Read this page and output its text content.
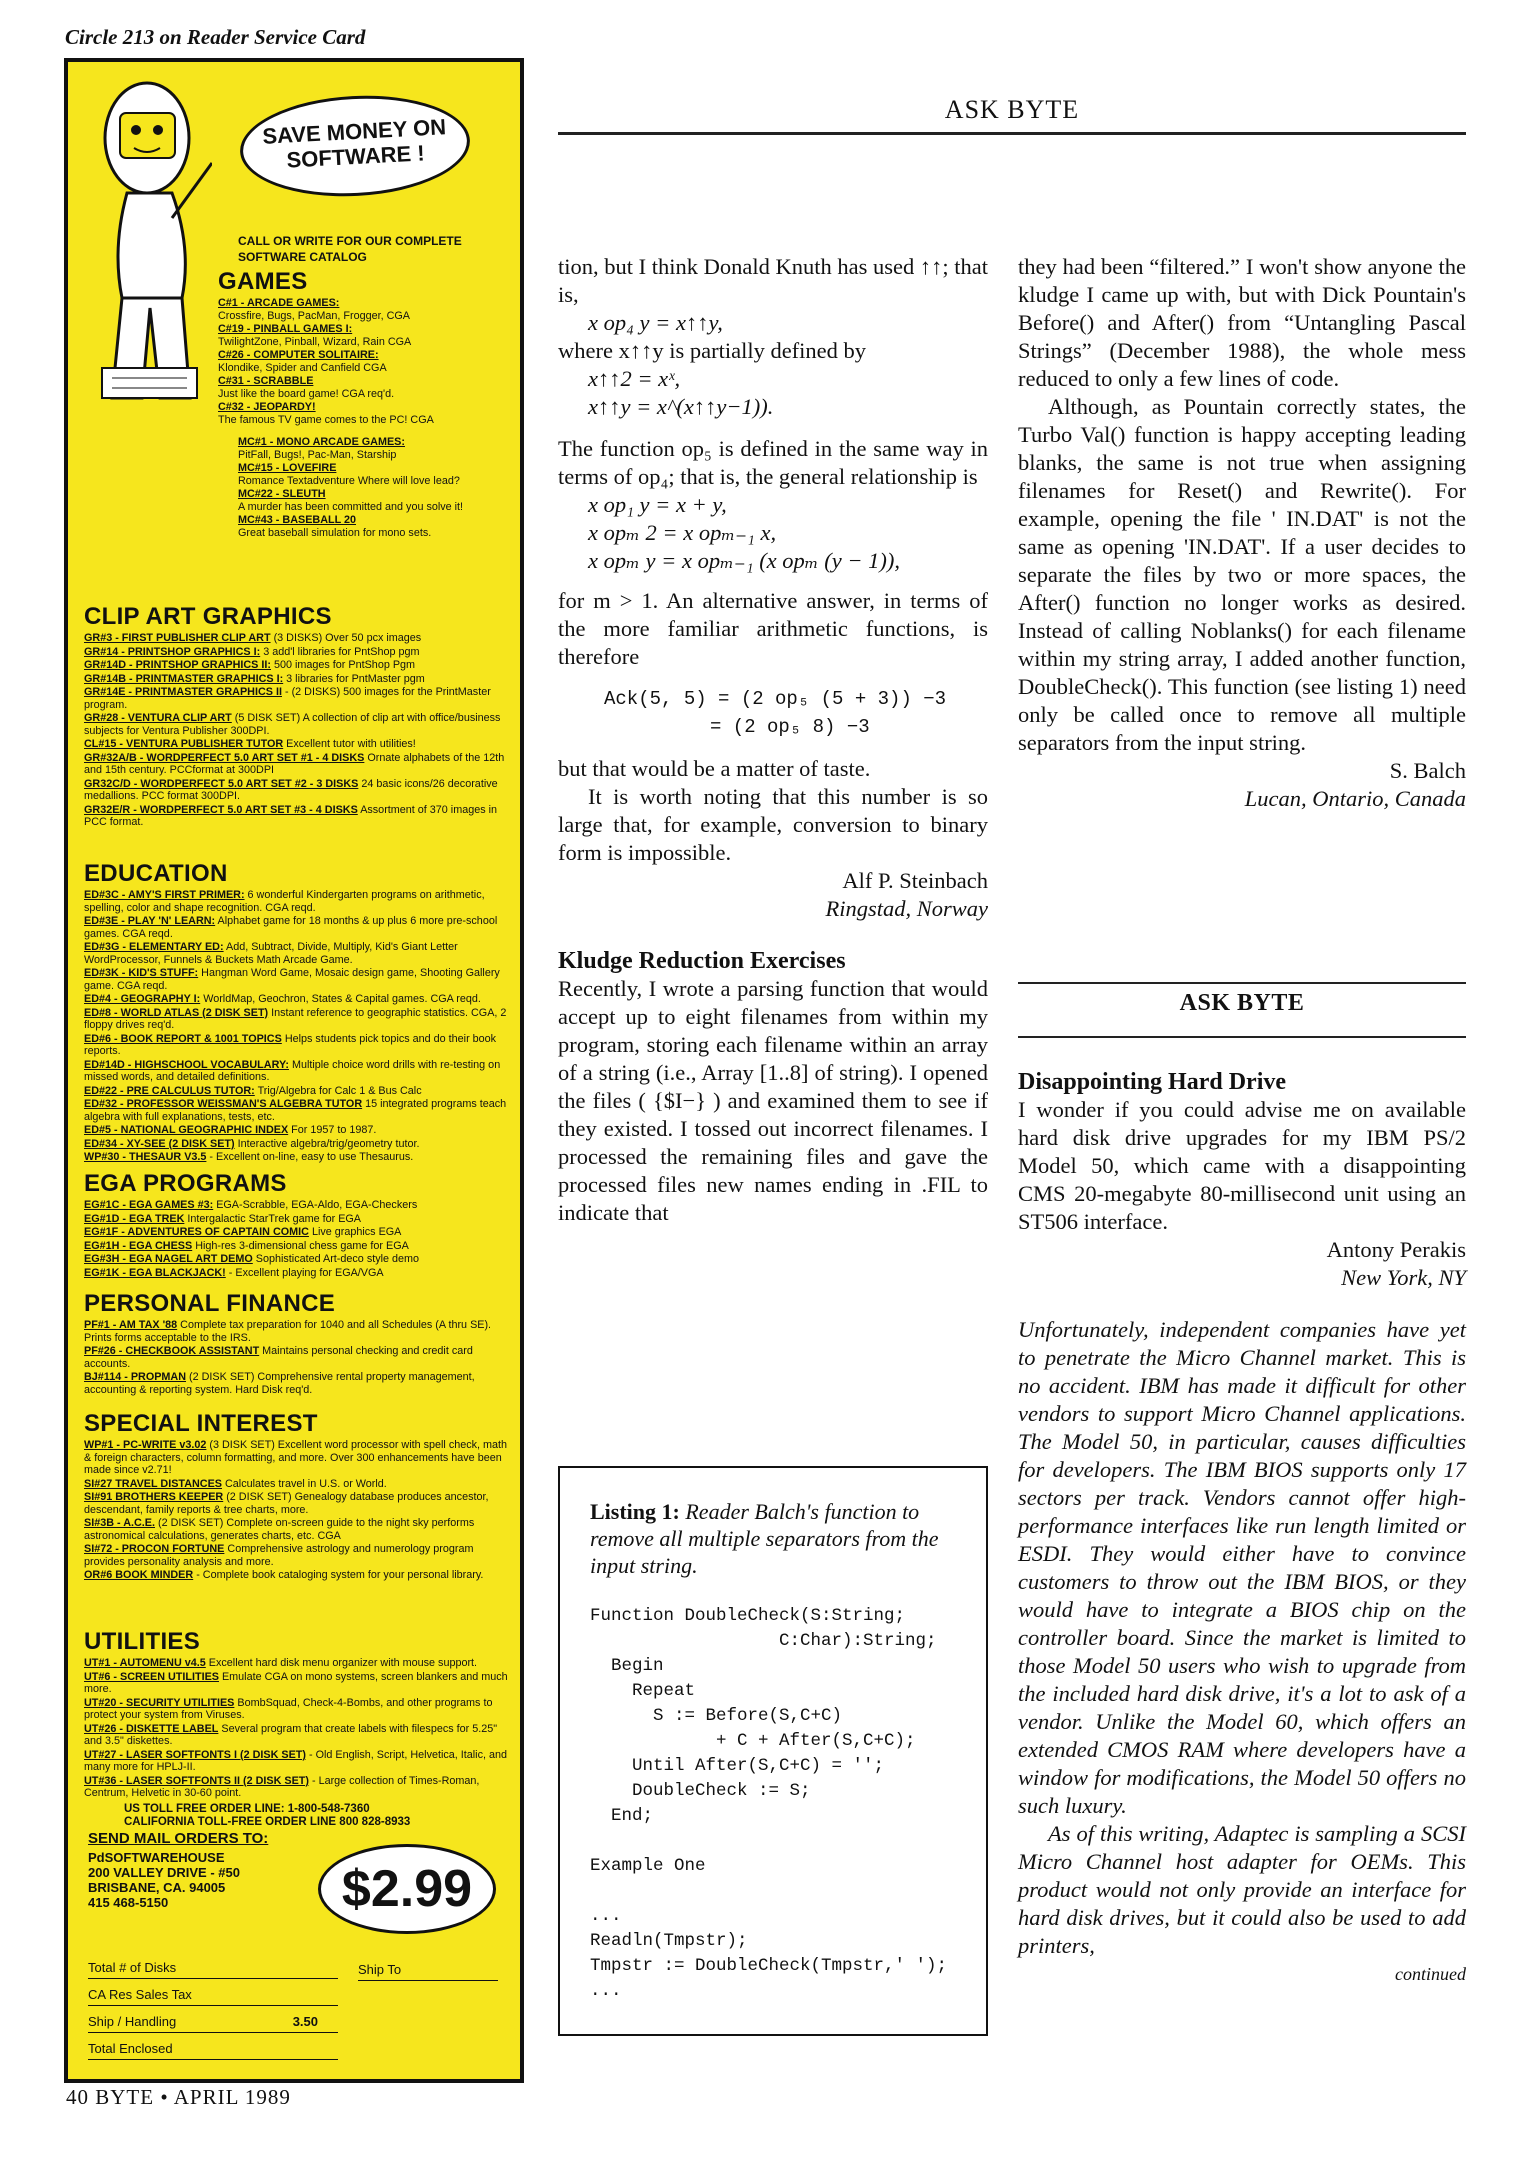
Circle 213 on Reader Service Card
SAVE MONEY ON SOFTWARE !
CALL OR WRITE FOR OUR COMPLETE SOFTWARE CATALOG
GAMES
C#1 - ARCADE GAMES:
Crossfire, Bugs, PacMan, Frogger, CGA
C#19 - PINBALL GAMES I:
TwilightZone, Pinball, Wizard, Rain CGA
C#26 - COMPUTER SOLITAIRE:
Klondike, Spider and Canfield CGA
C#31 - SCRABBLE
Just like the board game! CGA req'd.
C#32 - JEOPARDY!
The famous TV game comes to the PC! CGA
MC#1 - MONO ARCADE GAMES:
PitFall, Bugs!, Pac-Man, Starship
MC#15 - LOVEFIRE
Romance Textadventure Where will love lead?
MC#22 - SLEUTH
A murder has been committed and you solve it!
MC#43 - BASEBALL 20
Great baseball simulation for mono sets.
CLIP ART GRAPHICS
GR#3 - FIRST PUBLISHER CLIP ART (3 DISKS) Over 50 pcx images
GR#14 - PRINTSHOP GRAPHICS I: 3 add'l libraries for PntShop pgm
GR#14D - PRINTSHOP GRAPHICS II: 500 images for PntShop Pgm
GR#14B - PRINTMASTER GRAPHICS I: 3 libraries for PntMaster pgm
GR#14E - PRINTMASTER GRAPHICS II - (2 DISKS) 500 images for the PrintMaster program.
GR#28 - VENTURA CLIP ART (5 DISK SET) A collection of clip art with office/business subjects for Ventura Publisher 300DPI.
CL#15 - VENTURA PUBLISHER TUTOR Excellent tutor with utilities!
GR#32A/B - WORDPERFECT 5.0 ART SET #1 - 4 DISKS Ornate alphabets of the 12th and 15th century. PCCformat at 300DPI
GR32C/D - WORDPERFECT 5.0 ART SET #2 - 3 DISKS 24 basic icons/26 decorative medallions. PCC format 300DPI.
GR32E/R - WORDPERFECT 5.0 ART SET #3 - 4 DISKS Assortment of 370 images in PCC format.
EDUCATION
ED#3C - AMY'S FIRST PRIMER: 6 wonderful Kindergarten programs on arithmetic, spelling, color and shape recognition. CGA reqd.
ED#3E - PLAY 'N' LEARN: Alphabet game for 18 months & up plus 6 more pre-school games. CGA reqd.
ED#3G - ELEMENTARY ED: Add, Subtract, Divide, Multiply, Kid's Giant Letter WordProcessor, Funnels & Buckets Math Arcade Game.
ED#3K - KID'S STUFF: Hangman Word Game, Mosaic design game, Shooting Gallery game. CGA reqd.
ED#4 - GEOGRAPHY I: WorldMap, Geochron, States & Capital games. CGA reqd.
ED#8 - WORLD ATLAS (2 DISK SET) Instant reference to geographic statistics. CGA, 2 floppy drives req'd.
ED#6 - BOOK REPORT & 1001 TOPICS Helps students pick topics and do their book reports.
ED#14D - HIGHSCHOOL VOCABULARY: Multiple choice word drills with re-testing on missed words, and detailed definitions.
ED#22 - PRE CALCULUS TUTOR: Trig/Algebra for Calc 1 & Bus Calc
ED#32 - PROFESSOR WEISSMAN'S ALGEBRA TUTOR 15 integrated programs teach algebra with full explanations, tests, etc.
ED#5 - NATIONAL GEOGRAPHIC INDEX For 1957 to 1987.
ED#34 - XY-SEE (2 DISK SET) Interactive algebra/trig/geometry tutor.
WP#30 - THESAUR V3.5 - Excellent on-line, easy to use Thesaurus.
EGA PROGRAMS
EG#1C - EGA GAMES #3: EGA-Scrabble, EGA-Aldo, EGA-Checkers
EG#1D - EGA TREK Intergalactic StarTrek game for EGA
EG#1F - ADVENTURES OF CAPTAIN COMIC Live graphics EGA
EG#1H - EGA CHESS High-res 3-dimensional chess game for EGA
EG#3H - EGA NAGEL ART DEMO Sophisticated Art-deco style demo
EG#1K - EGA BLACKJACK! - Excellent playing for EGA/VGA
PERSONAL FINANCE
PF#1 - AM TAX '88 Complete tax preparation for 1040 and all Schedules (A thru SE). Prints forms acceptable to the IRS.
PF#26 - CHECKBOOK ASSISTANT Maintains personal checking and credit card accounts.
BJ#114 - PROPMAN (2 DISK SET) Comprehensive rental property management, accounting & reporting system. Hard Disk req'd.
SPECIAL INTEREST
WP#1 - PC-WRITE v3.02 (3 DISK SET) Excellent word processor with spell check, math & foreign characters, column formatting, and more. Over 300 enhancements have been made since v2.71!
SI#27 TRAVEL DISTANCES Calculates travel in U.S. or World.
SI#91 BROTHERS KEEPER (2 DISK SET) Genealogy database produces ancestor, descendant, family reports & tree charts, more.
SI#3B - A.C.E. (2 DISK SET) Complete on-screen guide to the night sky performs astronomical calculations, generates charts, etc. CGA
SI#72 - PROCON FORTUNE Comprehensive astrology and numerology program provides personality analysis and more.
OR#6 BOOK MINDER - Complete book cataloging system for your personal library.
UTILITIES
UT#1 - AUTOMENU v4.5 Excellent hard disk menu organizer with mouse support.
UT#6 - SCREEN UTILITIES Emulate CGA on mono systems, screen blankers and much more.
UT#20 - SECURITY UTILITIES BombSquad, Check-4-Bombs, and other programs to protect your system from Viruses.
UT#26 - DISKETTE LABEL Several program that create labels with filespecs for 5.25" and 3.5" diskettes.
UT#27 - LASER SOFTFONTS I (2 DISK SET) - Old English, Script, Helvetica, Italic, and many more for HPLJ-II.
UT#36 - LASER SOFTFONTS II (2 DISK SET) - Large collection of Times-Roman, Centrum, Helvetic in 30-60 point.
US TOLL FREE ORDER LINE: 1-800-548-7360
CALIFORNIA TOLL-FREE ORDER LINE 800 828-8933
SEND MAIL ORDERS TO:
PdSOFTWAREHOUSE
200 VALLEY DRIVE - #50
BRISBANE, CA. 94005
415 468-5150	$2.99
Total # of Disks
CA Res Sales Tax
Ship / Handling	3.50
Total Enclosed
Ship To
40 BYTE • APRIL 1989
ASK BYTE

tion, but I think Donald Knuth has used ↑↑; that is,

x op₄ y = x↑↑y,

where x↑↑y is partially defined by

x↑↑2 = xˣ,

x↑↑y = x^(x↑↑y−1)).

The function op₅ is defined in the same way in terms of op₄; that is, the general relationship is

x op₁ y = x + y,

x opₘ 2 = x opₘ₋₁ x,

x opₘ y = x opₘ₋₁ (x opₘ (y − 1)),

for m > 1. An alternative answer, in terms of the more familiar arithmetic functions, is therefore

Ack(5, 5) = (2 op₅ (5 + 3)) −3

= (2 op₅ 8) −3

but that would be a matter of taste.

It is worth noting that this number is so large that, for example, conversion to binary form is impossible.

Alf P. Steinbach
Ringstad, Norway

Kludge Reduction Exercises

Recently, I wrote a parsing function that would accept up to eight filenames from within my program, storing each filename within an array of a string (i.e., Array [1..8] of string). I opened the files ( {$I−} ) and examined them to see if they existed. I tossed out incorrect filenames. I processed the remaining files and gave the processed files new names ending in .FIL to indicate that

Listing 1: Reader Balch's function to remove all multiple separators from the input string.
Function DoubleCheck(S:String;
C:Char):String;
Begin
Repeat
S := Before(S,C+C)
+ C + After(S,C+C);
Until After(S,C+C) = '';
DoubleCheck := S;
End;

Example One

...
Readln(Tmpstr);
Tmpstr := DoubleCheck(Tmpstr,' ');
...

they had been “filtered.” I won't show anyone the kludge I came up with, but with Dick Pountain's Before() and After() from “Untangling Pascal Strings” (December 1988), the whole mess reduced to only a few lines of code.

Although, as Pountain correctly states, the Turbo Val() function is happy accepting leading blanks, the same is not true when assigning filenames for Reset() and Rewrite(). For example, opening the file ' IN.DAT' is not the same as opening 'IN.DAT'. If a user decides to separate the files by two or more spaces, the After() function no longer works as desired. Instead of calling Noblanks() for each filename within my string array, I added another function, DoubleCheck(). This function (see listing 1) need only be called once to remove all multiple separators from the input string.

S. Balch
Lucan, Ontario, Canada
ASK BYTE

Disappointing Hard Drive

I wonder if you could advise me on available hard disk drive upgrades for my IBM PS/2 Model 50, which came with a disappointing CMS 20-megabyte 80-millisecond unit using an ST506 interface.

Antony Perakis
New York, NY

Unfortunately, independent companies have yet to penetrate the Micro Channel market. This is no accident. IBM has made it difficult for other vendors to support Micro Channel applications. The Model 50, in particular, causes difficulties for developers. The IBM BIOS supports only 17 sectors per track. Vendors cannot offer high-performance interfaces like run length limited or ESDI. They would either have to convince customers to throw out the IBM BIOS, or they would have to integrate a BIOS chip on the controller board. Since the market is limited to those Model 50 users who wish to upgrade from the included hard disk drive, it's a lot to ask of a vendor. Unlike the Model 60, which offers an extended CMOS RAM where developers have a window for modifications, the Model 50 offers no such luxury.

As of this writing, Adaptec is sampling a SCSI Micro Channel host adapter for OEMs. This product would not only provide an interface for hard disk drives, but it could also be used to add printers,

continued
